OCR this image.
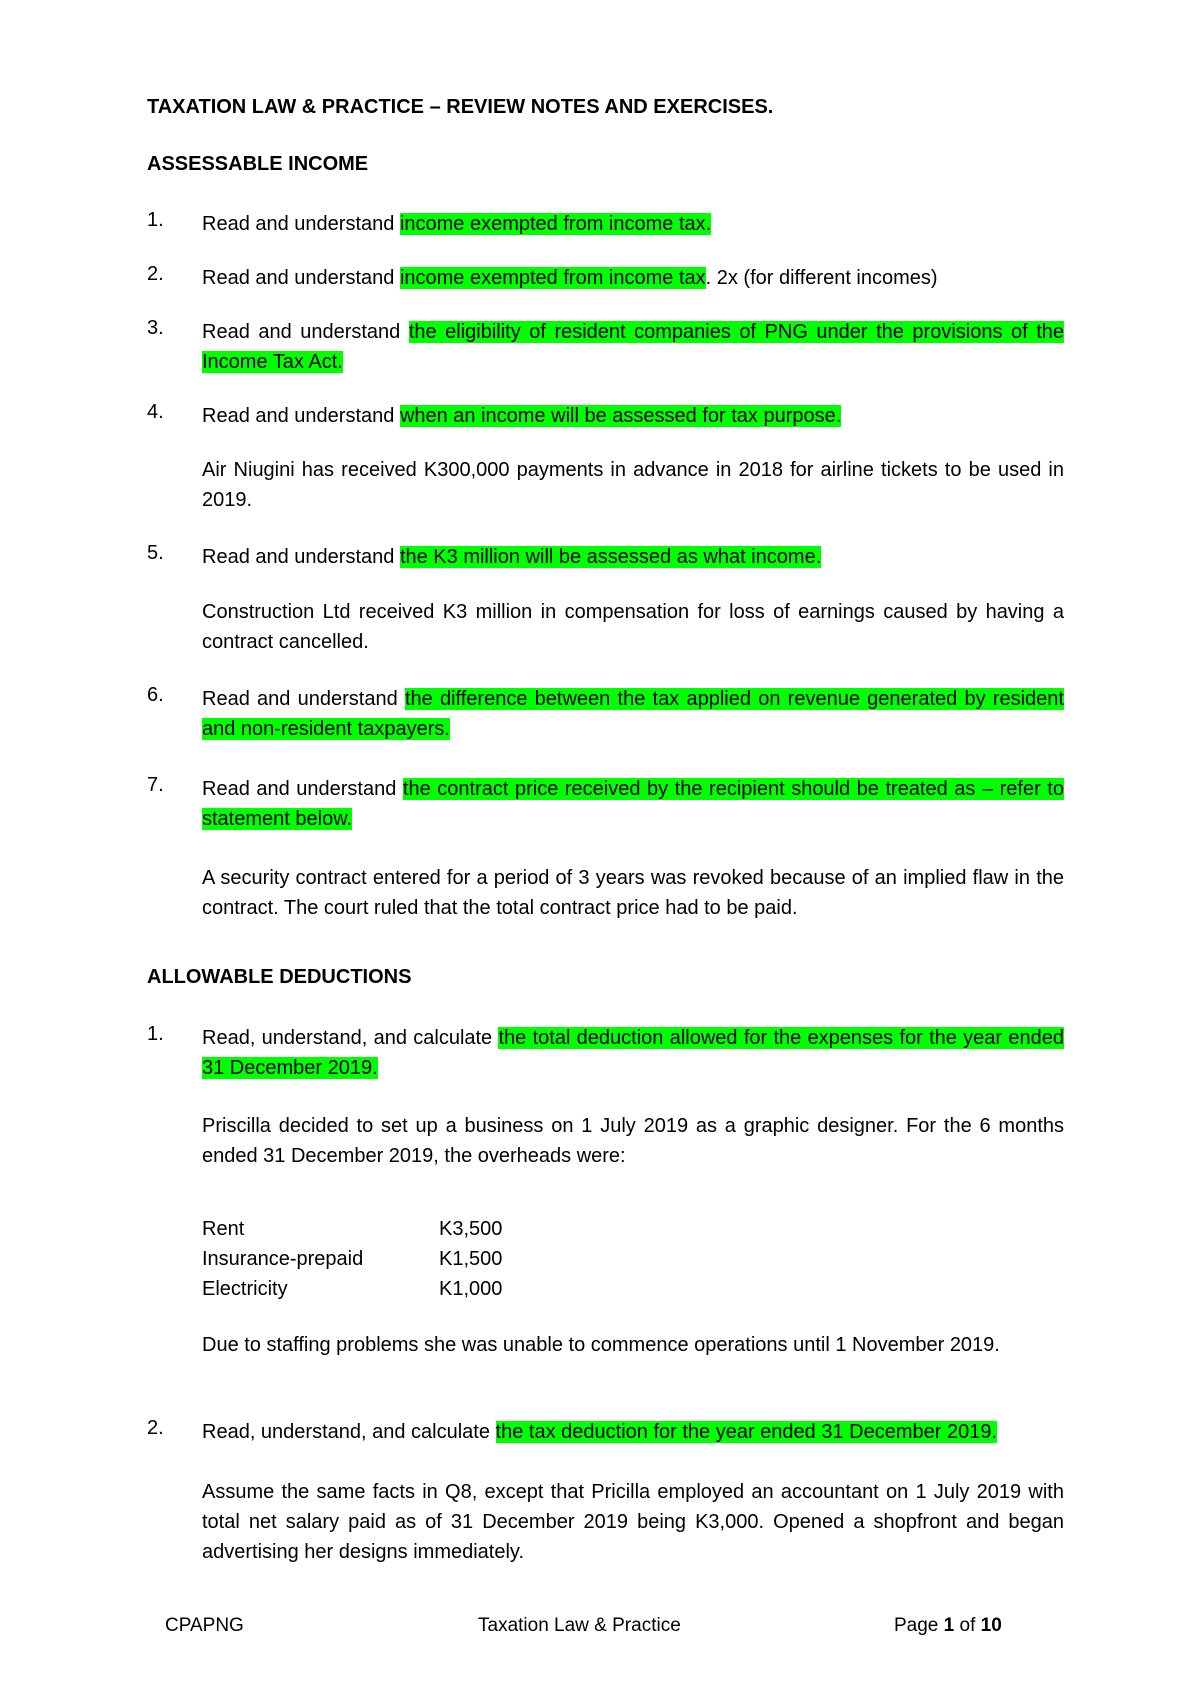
TAXATION LAW & PRACTICE – REVIEW NOTES AND EXERCISES.
ASSESSABLE INCOME
1.	Read and understand income exempted from income tax.
2.	Read and understand income exempted from income tax. 2x (for different incomes)
3.	Read and understand the eligibility of resident companies of PNG under the provisions of the Income Tax Act.
4.	Read and understand when an income will be assessed for tax purpose.
Air Niugini has received K300,000 payments in advance in 2018 for airline tickets to be used in 2019.
5.	Read and understand the K3 million will be assessed as what income.
Construction Ltd received K3 million in compensation for loss of earnings caused by having a contract cancelled.
6.	Read and understand the difference between the tax applied on revenue generated by resident and non-resident taxpayers.
7.	Read and understand the contract price received by the recipient should be treated as – refer to statement below.
A security contract entered for a period of 3 years was revoked because of an implied flaw in the contract. The court ruled that the total contract price had to be paid.
ALLOWABLE DEDUCTIONS
1.	Read, understand, and calculate the total deduction allowed for the expenses for the year ended 31 December 2019.
Priscilla decided to set up a business on 1 July 2019 as a graphic designer. For the 6 months ended 31 December 2019, the overheads were:
Rent	K3,500
Insurance-prepaid	K1,500
Electricity	K1,000
Due to staffing problems she was unable to commence operations until 1 November 2019.
2.	Read, understand, and calculate the tax deduction for the year ended 31 December 2019.
Assume the same facts in Q8, except that Pricilla employed an accountant on 1 July 2019 with total net salary paid as of 31 December 2019 being K3,000. Opened a shopfront and began advertising her designs immediately.
CPAPNG	Taxation Law & Practice	Page 1 of 10
